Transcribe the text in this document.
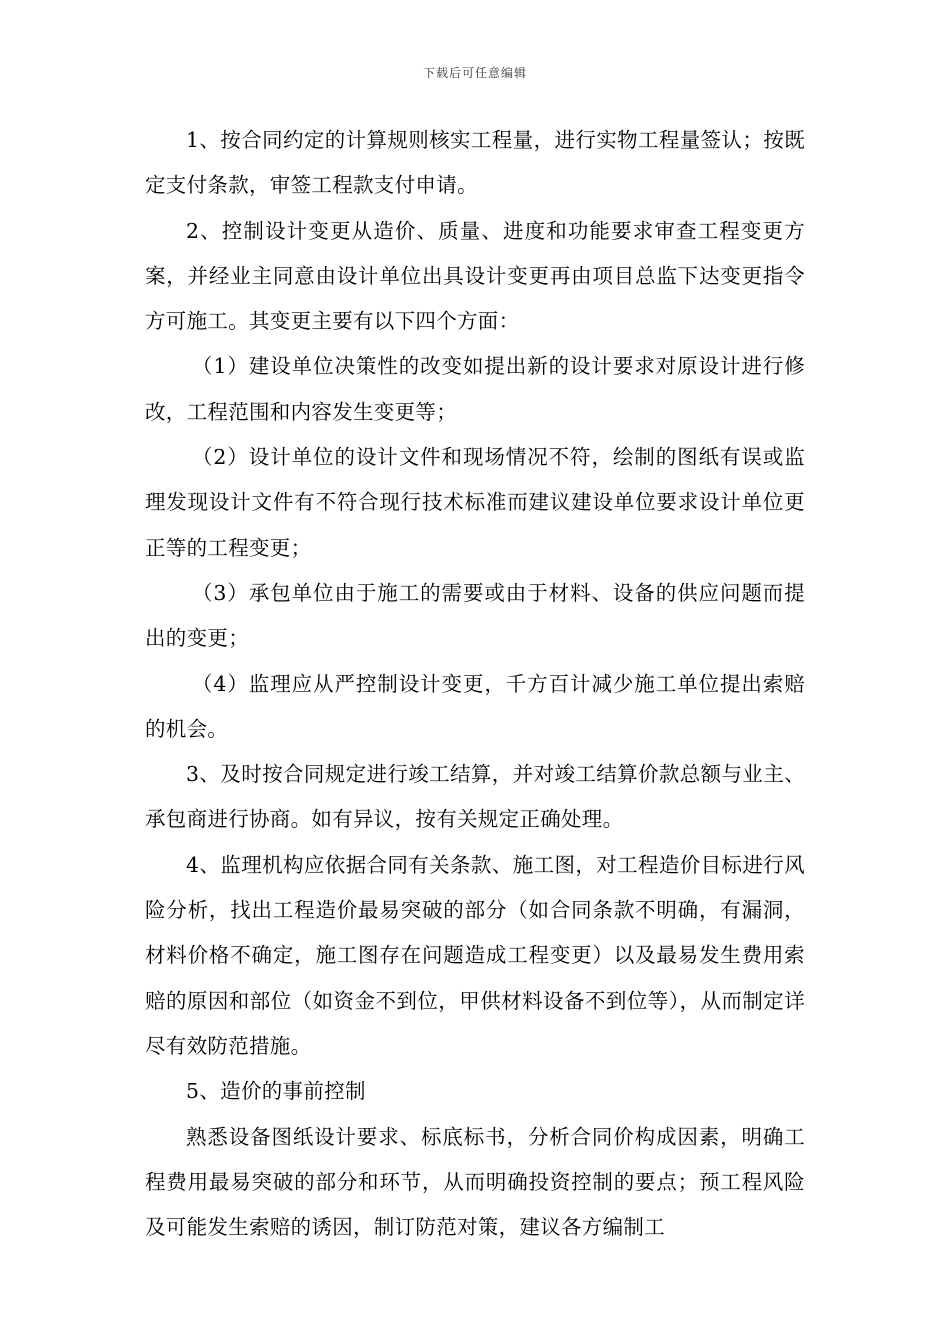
下载后可任意编辑

1、按合同约定的计算规则核实工程量，进行实物工程量签认；按既定支付条款，审签工程款支付申请。

2、控制设计变更从造价、质量、进度和功能要求审查工程变更方案，并经业主同意由设计单位出具设计变更再由项目总监下达变更指令方可施工。其变更主要有以下四个方面：

（1）建设单位决策性的改变如提出新的设计要求对原设计进行修改，工程范围和内容发生变更等；

（2）设计单位的设计文件和现场情况不符，绘制的图纸有误或监理发现设计文件有不符合现行技术标准而建议建设单位要求设计单位更正等的工程变更；

（3）承包单位由于施工的需要或由于材料、设备的供应问题而提出的变更；

（4）监理应从严控制设计变更，千方百计减少施工单位提出索赔的机会。

3、及时按合同规定进行竣工结算，并对竣工结算价款总额与业主、承包商进行协商。如有异议，按有关规定正确处理。

4、监理机构应依据合同有关条款、施工图，对工程造价目标进行风险分析，找出工程造价最易突破的部分（如合同条款不明确，有漏洞，材料价格不确定，施工图存在问题造成工程变更）以及最易发生费用索赔的原因和部位（如资金不到位，甲供材料设备不到位等），从而制定详尽有效防范措施。

5、造价的事前控制

熟悉设备图纸设计要求、标底标书，分析合同价构成因素，明确工程费用最易突破的部分和环节，从而明确投资控制的要点；预工程风险及可能发生索赔的诱因，制订防范对策，建议各方编制工
